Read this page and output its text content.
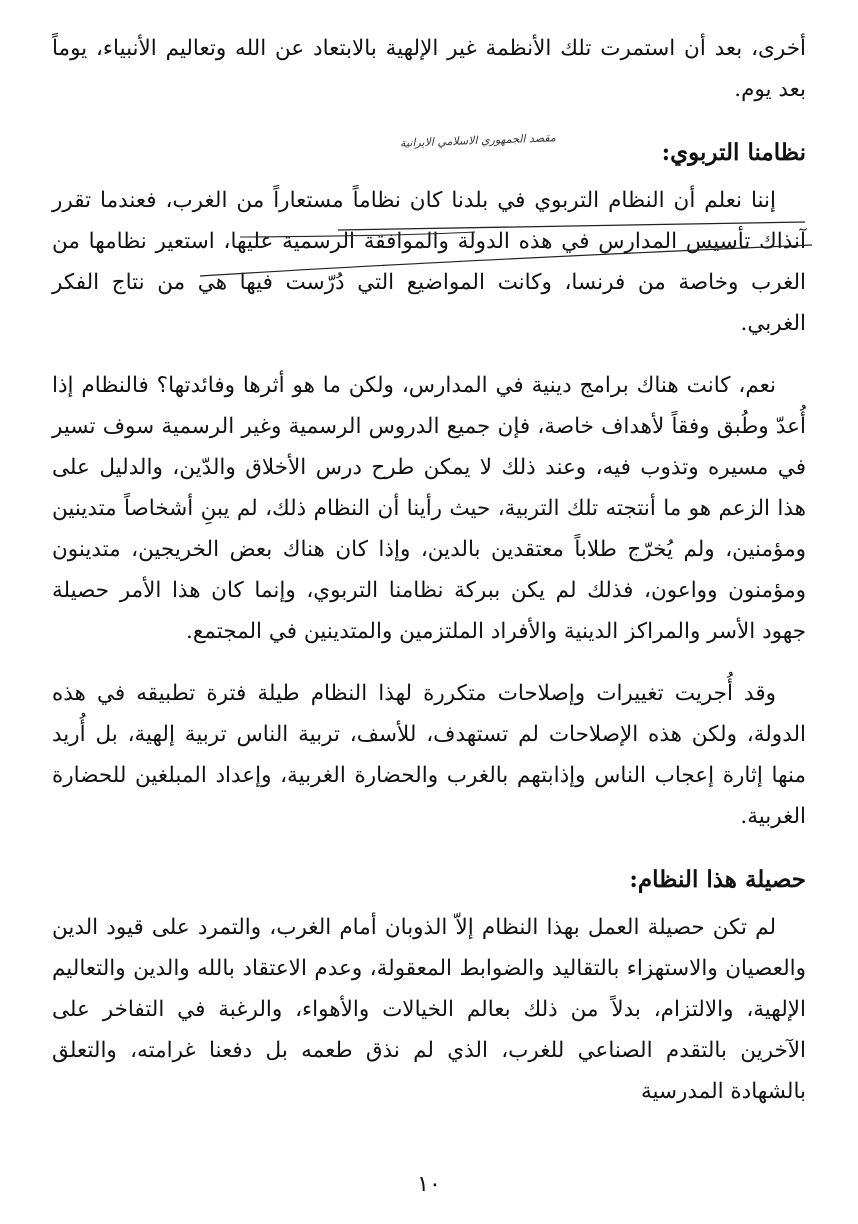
أخرى، بعد أن استمرت تلك الأنظمة غير الإلهية بالابتعاد عن الله وتعاليم الأنبياء، يوماً بعد يوم.

نظامنا التربوي:
مقصد الجمهوري الاسلامي الايرانية

إننا نعلم أن النظام التربوي في بلدنا كان نظاماً مستعاراً من الغرب، فعندما تقرر آنذاك تأسيس المدارس في هذه الدولة والموافقة الرسمية عليها، استعير نظامها من الغرب وخاصة من فرنسا، وكانت المواضيع التي دُرّست فيها هي من نتاج الفكر الغربي.

نعم، كانت هناك برامج دينية في المدارس، ولكن ما هو أثرها وفائدتها؟ فالنظام إذا أُعدّ وطُبق وفقاً لأهداف خاصة، فإن جميع الدروس الرسمية وغير الرسمية سوف تسير في مسيره وتذوب فيه، وعند ذلك لا يمكن طرح درس الأخلاق والدّين، والدليل على هذا الزعم هو ما أنتجته تلك التربية، حيث رأينا أن النظام ذلك، لم يبنِ أشخاصاً متدينين ومؤمنين، ولم يُخرّج طلاباً معتقدين بالدين، وإذا كان هناك بعض الخريجين، متدينون ومؤمنون وواعون، فذلك لم يكن ببركة نظامنا التربوي، وإنما كان هذا الأمر حصيلة جهود الأسر والمراكز الدينية والأفراد الملتزمين والمتدينين في المجتمع.

وقد أُجريت تغييرات وإصلاحات متكررة لهذا النظام طيلة فترة تطبيقه في هذه الدولة، ولكن هذه الإصلاحات لم تستهدف، للأسف، تربية الناس تربية إلهية، بل أُريد منها إثارة إعجاب الناس وإذابتهم بالغرب والحضارة الغربية، وإعداد المبلغين للحضارة الغربية.

حصيلة هذا النظام:

لم تكن حصيلة العمل بهذا النظام إلاّ الذوبان أمام الغرب، والتمرد على قيود الدين والعصيان والاستهزاء بالتقاليد والضوابط المعقولة، وعدم الاعتقاد بالله والدين والتعاليم الإلهية، والالتزام، بدلاً من ذلك بعالم الخيالات والأهواء، والرغبة في التفاخر على الآخرين بالتقدم الصناعي للغرب، الذي لم نذق طعمه بل دفعنا غرامته، والتعلق بالشهادة المدرسية

١٠
